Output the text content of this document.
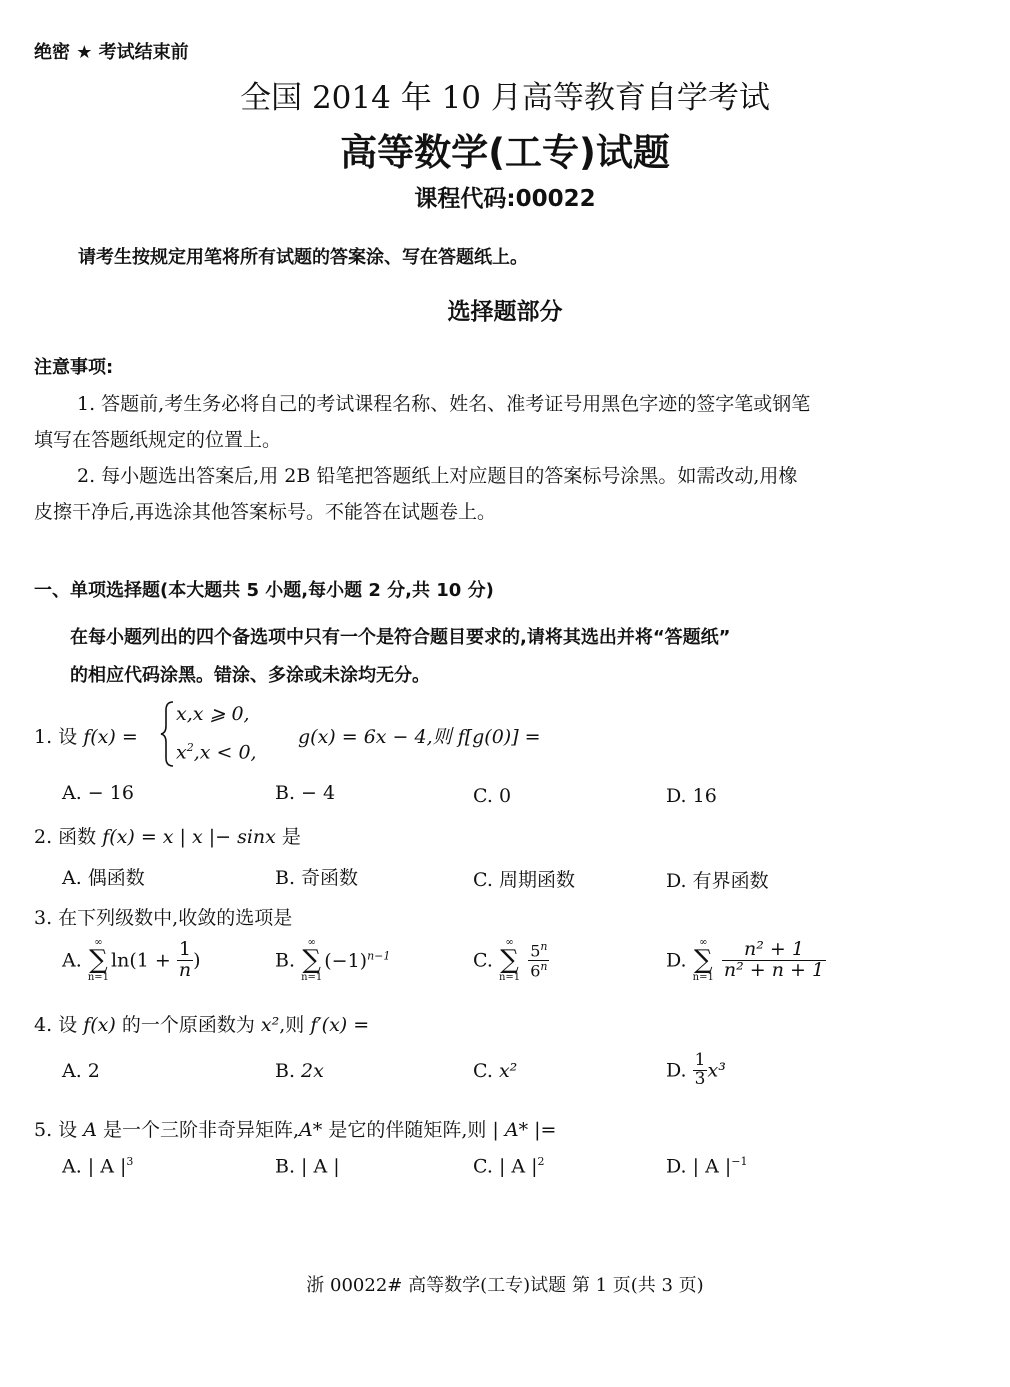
绝密 ★ 考试结束前
全国 2014 年 10 月高等教育自学考试
高等数学(工专)试题
课程代码:00022
请考生按规定用笔将所有试题的答案涂、写在答题纸上。
选择题部分
注意事项:
1. 答题前,考生务必将自己的考试课程名称、姓名、准考证号用黑色字迹的签字笔或钢笔
填写在答题纸规定的位置上。
2. 每小题选出答案后,用 2B 铅笔把答题纸上对应题目的答案标号涂黑。如需改动,用橡
皮擦干净后,再选涂其他答案标号。不能答在试题卷上。
一、单项选择题(本大题共 5 小题,每小题 2 分,共 10 分)
在每小题列出的四个备选项中只有一个是符合题目要求的,请将其选出并将“答题纸”
的相应代码涂黑。错涂、多涂或未涂均无分。
1. 设 f(x) =
x,x ⩾ 0,
$x^2,x < 0$,
g(x) = 6x − 4,则 f[g(0)] =
A. − 16	B. − 4	C. 0	D. 16
2. 函数 f(x) = x | x |− sinx 是
A. 偶函数	B. 奇函数	C. 周期函数	D. 有界函数
3. 在下列级数中,收敛的选项是
A.
∞
∑
n=1
$\ln(1 + \frac{1}{n}$ )	B.
∞
∑
n=1
$(-1)^{n-1}$	C.
∞
∑
n=1
$\frac{5^n}{6^n}$	D.
∞
∑
n=1
$\frac{\text{n² + 1}}{\text{n² + n + 1}}$
4. 设 f(x) 的一个原函数为 x²,则 f′(x) =
A. 2	B. 2x	C. x²	D. $\frac{1}{3} x^3$
5. 设 A 是一个三阶非奇异矩阵,A* 是它的伴随矩阵,则 | A* |=
A. | A $|^3$	B. | A |	C. | A $|^2$	D. | A $|^{-1}$
浙 00022# 高等数学(工专)试题 第 1 页(共 3 页)
